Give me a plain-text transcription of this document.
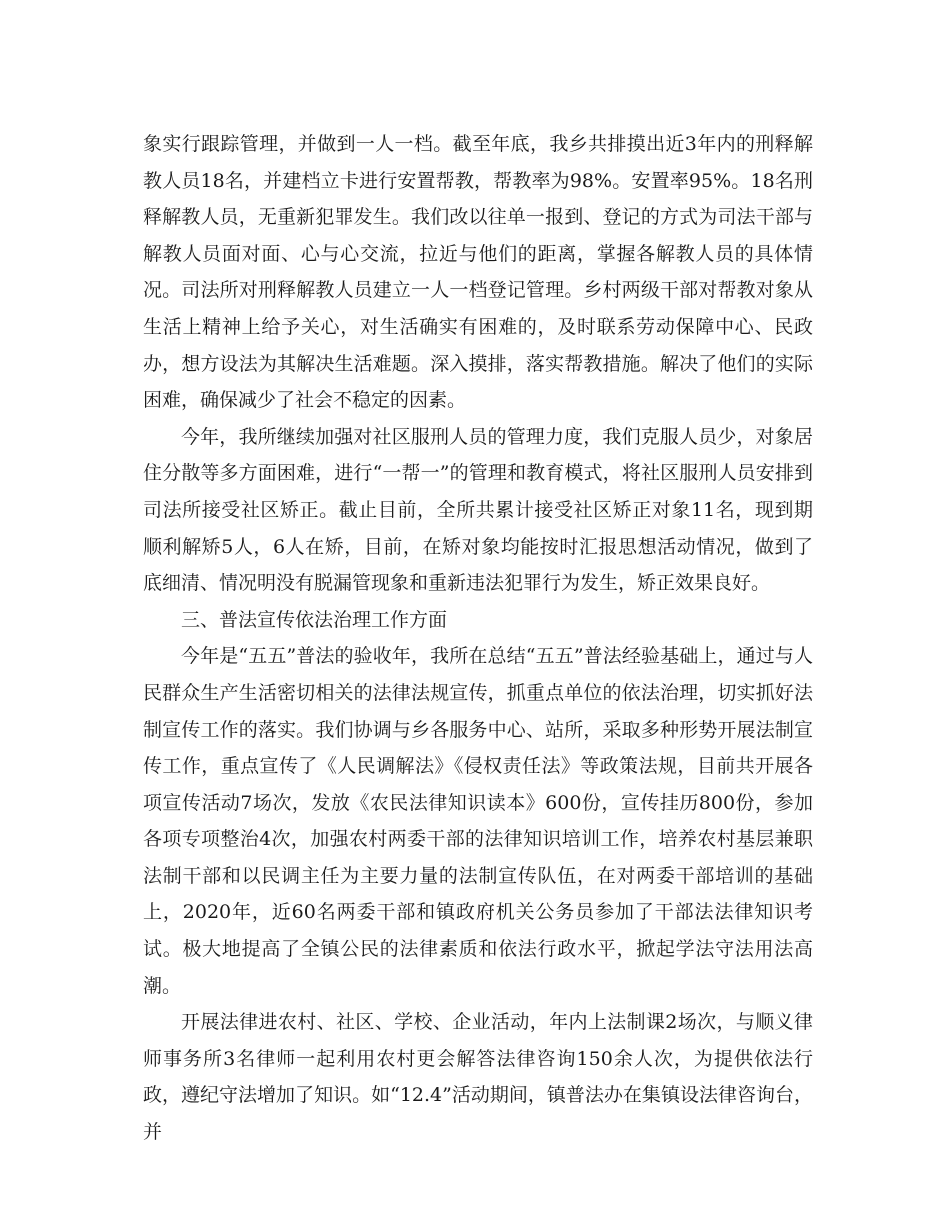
象实行跟踪管理，并做到一人一档。截至年底，我乡共排摸出近3年内的刑释解教人员18名，并建档立卡进行安置帮教，帮教率为98%。安置率95%。18名刑释解教人员，无重新犯罪发生。我们改以往单一报到、登记的方式为司法干部与解教人员面对面、心与心交流，拉近与他们的距离，掌握各解教人员的具体情况。司法所对刑释解教人员建立一人一档登记管理。乡村两级干部对帮教对象从生活上精神上给予关心，对生活确实有困难的，及时联系劳动保障中心、民政办，想方设法为其解决生活难题。深入摸排，落实帮教措施。解决了他们的实际困难，确保减少了社会不稳定的因素。

今年，我所继续加强对社区服刑人员的管理力度，我们克服人员少，对象居住分散等多方面困难，进行“一帮一”的管理和教育模式，将社区服刑人员安排到司法所接受社区矫正。截止目前，全所共累计接受社区矫正对象11名，现到期顺利解矫5人，6人在矫，目前，在矫对象均能按时汇报思想活动情况，做到了底细清、情况明没有脱漏管现象和重新违法犯罪行为发生，矫正效果良好。

三、普法宣传依法治理工作方面

今年是“五五”普法的验收年，我所在总结“五五”普法经验基础上，通过与人民群众生产生活密切相关的法律法规宣传，抓重点单位的依法治理，切实抓好法制宣传工作的落实。我们协调与乡各服务中心、站所，采取多种形势开展法制宣传工作，重点宣传了《人民调解法》《侵权责任法》等政策法规，目前共开展各项宣传活动7场次，发放《农民法律知识读本》600份，宣传挂历800份，参加各项专项整治4次，加强农村两委干部的法律知识培训工作，培养农村基层兼职法制干部和以民调主任为主要力量的法制宣传队伍，在对两委干部培训的基础上，2020年，近60名两委干部和镇政府机关公务员参加了干部法法律知识考试。极大地提高了全镇公民的法律素质和依法行政水平，掀起学法守法用法高潮。

开展法律进农村、社区、学校、企业活动，年内上法制课2场次，与顺义律师事务所3名律师一起利用农村更会解答法律咨询150余人次，为提供依法行政，遵纪守法增加了知识。如“12.4”活动期间，镇普法办在集镇设法律咨询台，并
